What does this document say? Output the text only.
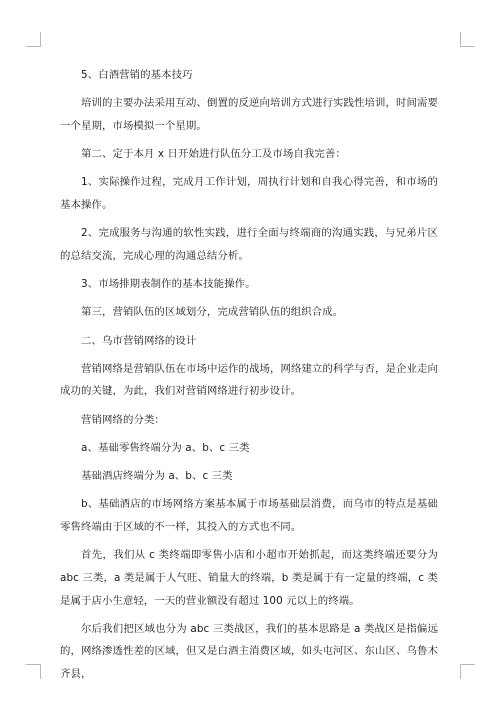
5、白酒营销的基本技巧

培训的主要办法采用互动、倒置的反逆向培训方式进行实践性培训，时间需要一个星期，市场模拟一个星期。

第二、定于本月 x 日开始进行队伍分工及市场自我完善：

1、实际操作过程，完成月工作计划，周执行计划和自我心得完善，和市场的基本操作。

2、完成服务与沟通的软性实践，进行全面与终端商的沟通实践，与兄弟片区的总结交流，完成心理的沟通总结分析。

3、市场排期表制作的基本技能操作。

第三，营销队伍的区域划分，完成营销队伍的组织合成。

二、乌市营销网络的设计

营销网络是营销队伍在市场中运作的战场，网络建立的科学与否，是企业走向成功的关键，为此，我们对营销网络进行初步设计。

营销网络的分类：

a、基础零售终端分为 a、b、c 三类

基础酒店终端分为 a、b、c 三类

b、基础酒店的市场网络方案基本属于市场基础层消费，而乌市的特点是基础零售终端由于区域的不一样，其投入的方式也不同。

首先，我们从 c 类终端即零售小店和小超市开始抓起，而这类终端还要分为 abc 三类，a 类是属于人气旺、销量大的终端，b 类是属于有一定量的终端，c 类是属于店小生意轻，一天的营业额没有超过 100 元以上的终端。

尔后我们把区域也分为 abc 三类战区，我们的基本思路是 a 类战区是指偏远的，网络渗透性差的区域，但又是白酒主消费区域，如头屯河区、东山区、乌鲁木齐县，
